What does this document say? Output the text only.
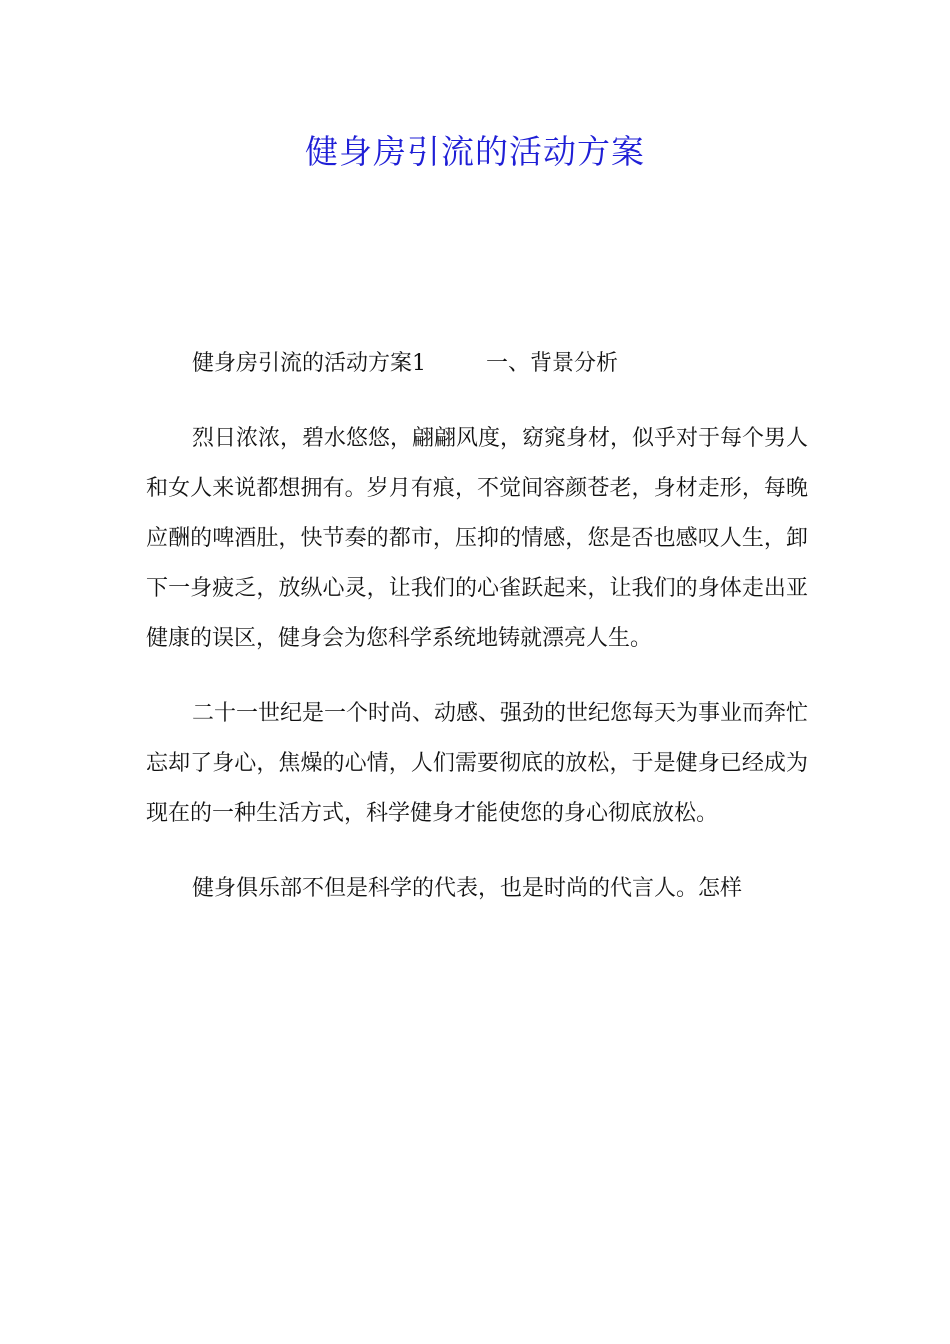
健身房引流的活动方案

健身房引流的活动方案1	一、背景分析

烈日浓浓，碧水悠悠，翩翩风度，窈窕身材，似乎对于每个男人和女人来说都想拥有。岁月有痕，不觉间容颜苍老，身材走形，每晚应酬的啤酒肚，快节奏的都市，压抑的情感，您是否也感叹人生，卸下一身疲乏，放纵心灵，让我们的心雀跃起来，让我们的身体走出亚健康的误区，健身会为您科学系统地铸就漂亮人生。

二十一世纪是一个时尚、动感、强劲的世纪您每天为事业而奔忙忘却了身心，焦燥的心情，人们需要彻底的放松，于是健身已经成为现在的一种生活方式，科学健身才能使您的身心彻底放松。

健身俱乐部不但是科学的代表，也是时尚的代言人。怎样
